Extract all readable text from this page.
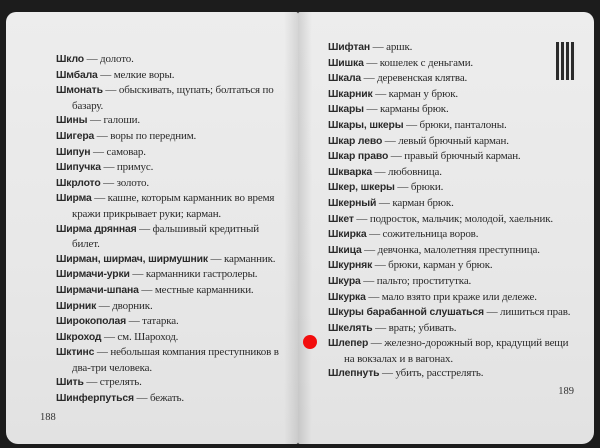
Шкло — долото.
Шмбала — мелкие воры.
Шмонать — обыскивать, щупать; болтаться по базару.
Шины — галоши.
Шигера — воры по передним.
Шипун — самовар.
Шипучка — примус.
Шкрлото — золото.
Ширма — кашне, которым карманник во время кражи прикрывает руки; карман.
Ширма дрянная — фальшивый кредитный билет.
Ширман, ширмач, ширмушник — карманник.
Ширмачи-урки — карманники гастролеры.
Ширмачи-шпана — местные карманники.
Ширник — дворник.
Широкополая — татарка.
Шкроход — см. Шароход.
Шктинс — небольшая компания преступников в два-три человека.
Шить — стрелять.
Шинферпуться — бежать.
188
Шифтан — аршк.
Шишка — кошелек с деньгами.
Шкала — деревенская клятва.
Шкарник — карман у брюк.
Шкары — карманы брюк.
Шкары, шкеры — брюки, панталоны.
Шкар лево — левый брючный карман.
Шкар право — правый брючный карман.
Шкварка — любовница.
Шкер, шкеры — брюки.
Шкерный — карман брюк.
Шкет — подросток, мальчик; молодой, хаельник.
Шкирка — сожительница воров.
Шкица — девчонка, малолетняя преступница.
Шкурняк — брюки, карман у брюк.
Шкура — пальто; проститутка.
Шкурка — мало взято при краже или дележе.
Шкуры барабанной слушаться — лишиться прав.
Шкелять — врать; убивать.
Шлепер — железно-дорожный вор, крадущий вещи на вокзалах и в вагонах.
Шлепнуть — убить, расстрелять.
189
